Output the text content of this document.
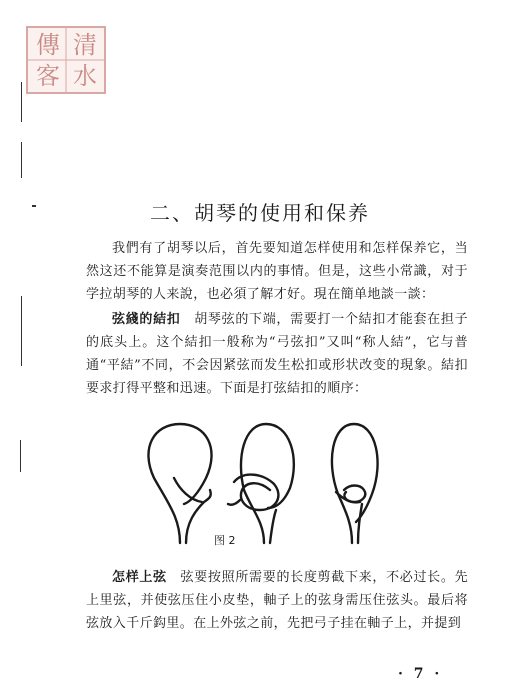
清
水
傳
客
二、胡琴的使用和保养

我們有了胡琴以后，首先要知道怎样使用和怎样保养它，当然这还不能算是演奏范围以内的事情。但是，这些小常識，对于学拉胡琴的人来說，也必須了解才好。現在簡单地談一談：

弦綫的結扣　 胡琴弦的下端，需要打一个結扣才能套在担子的底头上。这个結扣一般称为“弓弦扣”又叫“称人結”，它与普通“平結”不同，不会因紧弦而发生松扣或形状改变的現象。結扣要求打得平整和迅速。下面是打弦結扣的順序：

图 2

怎样上弦　 弦要按照所需要的长度剪截下来，不必过长。先上里弦，并使弦压住小皮垫，軸子上的弦身需压住弦头。最后将弦放入千斤鈎里。在上外弦之前，先把弓子挂在軸子上，并提到

· 7 ·
